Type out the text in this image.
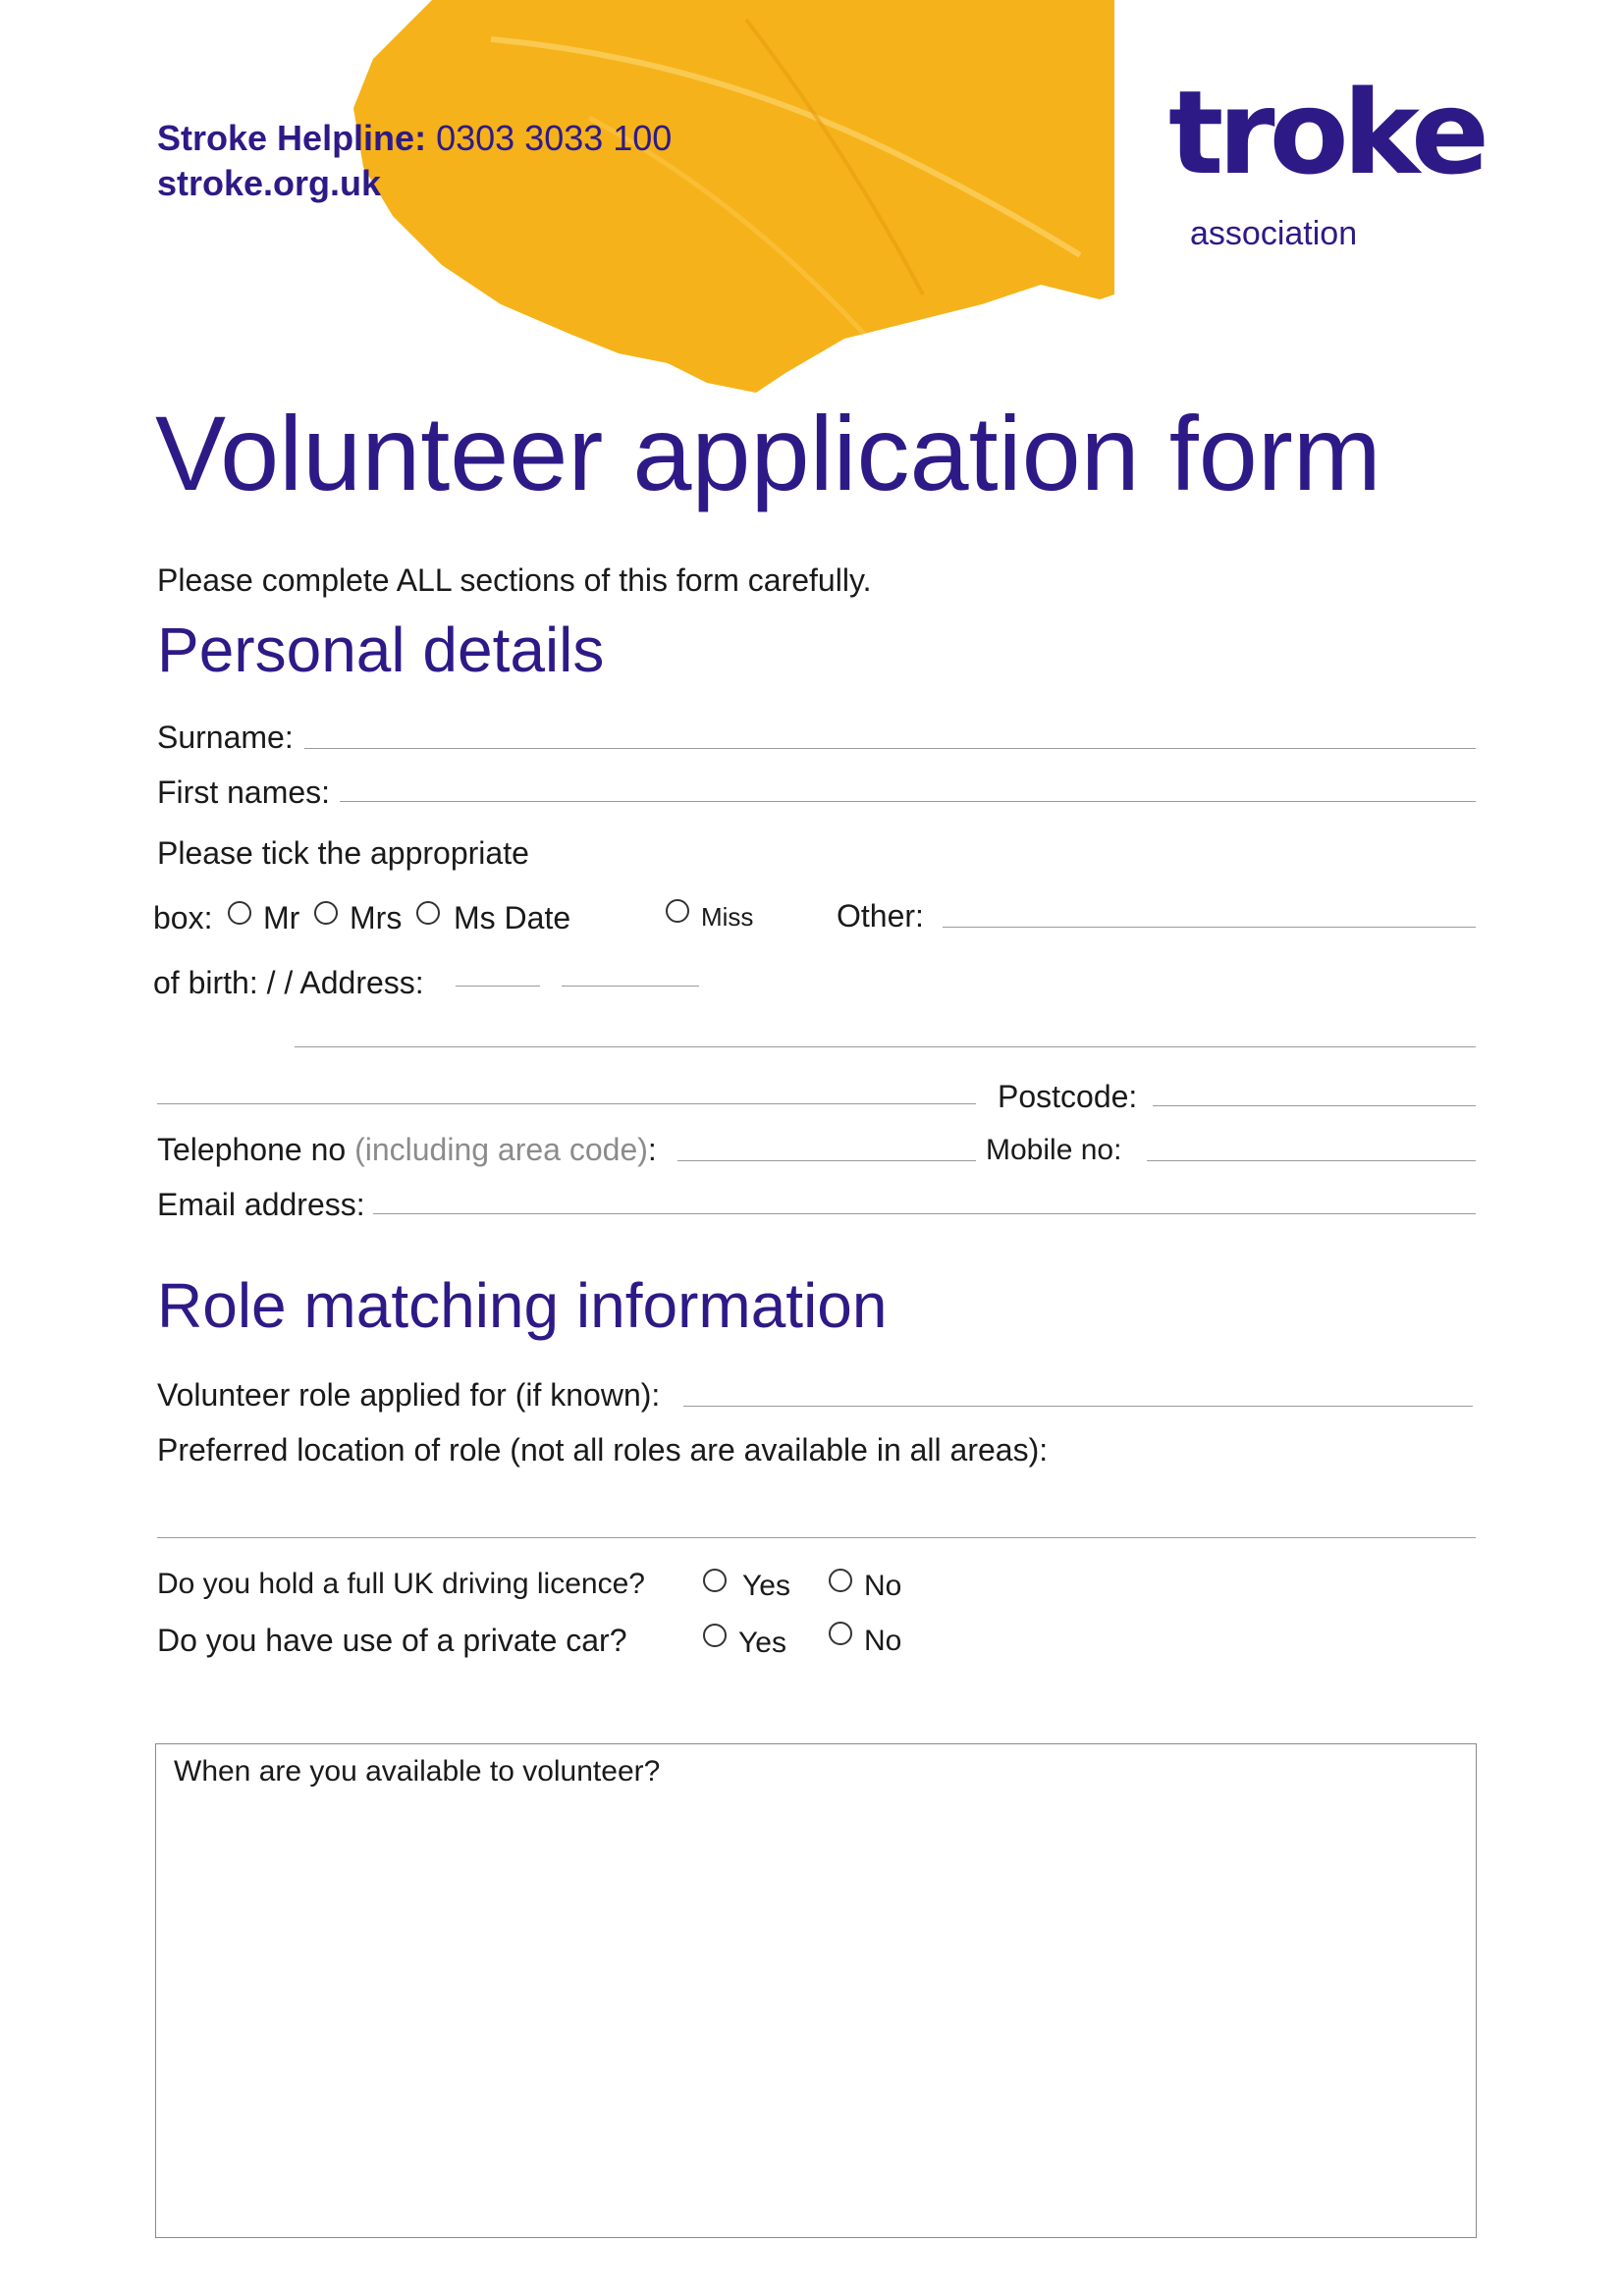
Stroke Helpline: 0303 3033 100
stroke.org.uk	troke
association
Volunteer application form
Please complete ALL sections of this form carefully.
Personal details
Surname:
First names:
Please tick the appropriate
box: Mr Mrs Ms Date	Miss	Other:
of birth: / / Address:
Postcode:
Telephone no (including area code):	Mobile no:
Email address:
Role matching information
Volunteer role applied for (if known):
Preferred location of role (not all roles are available in all areas):
Do you hold a full UK driving licence?	Yes	No
Do you have use of a private car?	Yes	No
When are you available to volunteer?
